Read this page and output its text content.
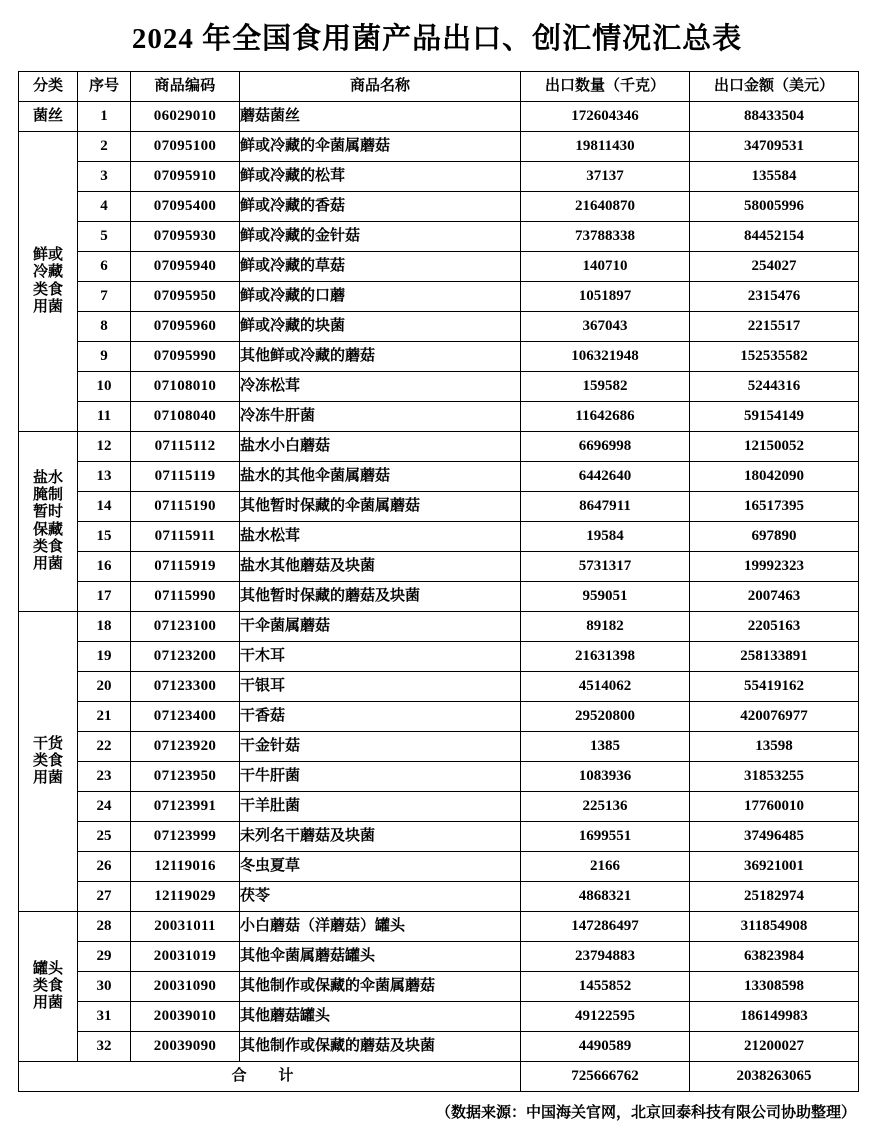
2024 年全国食用菌产品出口、创汇情况汇总表
分类	序号	商品编码	商品名称	出口数量（千克）	出口金额（美元）
菌丝	1	06029010	蘑菇菌丝	172604346	88433504
鲜或
冷藏
类食
用菌	2	07095100	鲜或冷藏的伞菌属蘑菇	19811430	34709531
	3	07095910	鲜或冷藏的松茸	37137	135584
	4	07095400	鲜或冷藏的香菇	21640870	58005996
	5	07095930	鲜或冷藏的金针菇	73788338	84452154
	6	07095940	鲜或冷藏的草菇	140710	254027
	7	07095950	鲜或冷藏的口蘑	1051897	2315476
	8	07095960	鲜或冷藏的块菌	367043	2215517
	9	07095990	其他鲜或冷藏的蘑菇	106321948	152535582
	10	07108010	冷冻松茸	159582	5244316
	11	07108040	冷冻牛肝菌	11642686	59154149
盐水
腌制
暂时
保藏
类食
用菌	12	07115112	盐水小白蘑菇	6696998	12150052
	13	07115119	盐水的其他伞菌属蘑菇	6442640	18042090
	14	07115190	其他暂时保藏的伞菌属蘑菇	8647911	16517395
	15	07115911	盐水松茸	19584	697890
	16	07115919	盐水其他蘑菇及块菌	5731317	19992323
	17	07115990	其他暂时保藏的蘑菇及块菌	959051	2007463
干货
类食
用菌	18	07123100	干伞菌属蘑菇	89182	2205163
	19	07123200	干木耳	21631398	258133891
	20	07123300	干银耳	4514062	55419162
	21	07123400	干香菇	29520800	420076977
	22	07123920	干金针菇	1385	13598
	23	07123950	干牛肝菌	1083936	31853255
	24	07123991	干羊肚菌	225136	17760010
	25	07123999	未列名干蘑菇及块菌	1699551	37496485
	26	12119016	冬虫夏草	2166	36921001
	27	12119029	茯苓	4868321	25182974
罐头
类食
用菌	28	20031011	小白蘑菇（洋蘑菇）罐头	147286497	311854908
	29	20031019	其他伞菌属蘑菇罐头	23794883	63823984
	30	20031090	其他制作或保藏的伞菌属蘑菇	1455852	13308598
	31	20039010	其他蘑菇罐头	49122595	186149983
	32	20039090	其他制作或保藏的蘑菇及块菌	4490589	21200027
合 计				725666762	2038263065
（数据来源：中国海关官网，北京回泰科技有限公司协助整理）
